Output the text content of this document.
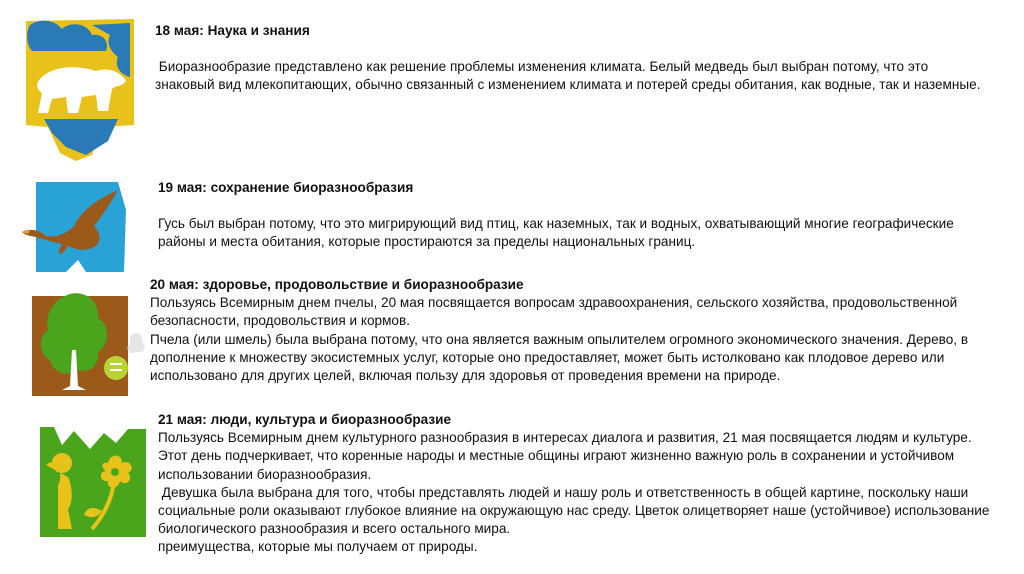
18 мая: Наука и знания

Биоразнообразие представлено как решение проблемы изменения климата. Белый медведь был выбран потому, что это знаковый вид млекопитающих, обычно связанный с изменением климата и потерей среды обитания, как водные, так и наземные.

19 мая: сохранение биоразнообразия

Гусь был выбран потому, что это мигрирующий вид птиц, как наземных, так и водных, охватывающий многие географические районы и места обитания, которые простираются за пределы национальных границ.

20 мая: здоровье, продовольствие и биоразнообразие

Пользуясь Всемирным днем пчелы, 20 мая посвящается вопросам здравоохранения, сельского хозяйства, продовольственной безопасности, продовольствия и кормов.

Пчела (или шмель) была выбрана потому, что она является важным опылителем огромного экономического значения. Дерево, в дополнение к множеству экосистемных услуг, которые оно предоставляет, может быть истолковано как плодовое дерево или использовано для других целей, включая пользу для здоровья от проведения времени на природе.

21 мая: люди, культура и биоразнообразие

Пользуясь Всемирным днем культурного разнообразия в интересах диалога и развития, 21 мая посвящается людям и культуре. Этот день подчеркивает, что коренные народы и местные общины играют жизненно важную роль в сохранении и устойчивом использовании биоразнообразия.

Девушка была выбрана для того, чтобы представлять людей и нашу роль и ответственность в общей картине, поскольку наши социальные роли оказывают глубокое влияние на окружающую нас среду. Цветок олицетворяет наше (устойчивое) использование биологического разнообразия и всего остального мира.

преимущества, которые мы получаем от природы.
